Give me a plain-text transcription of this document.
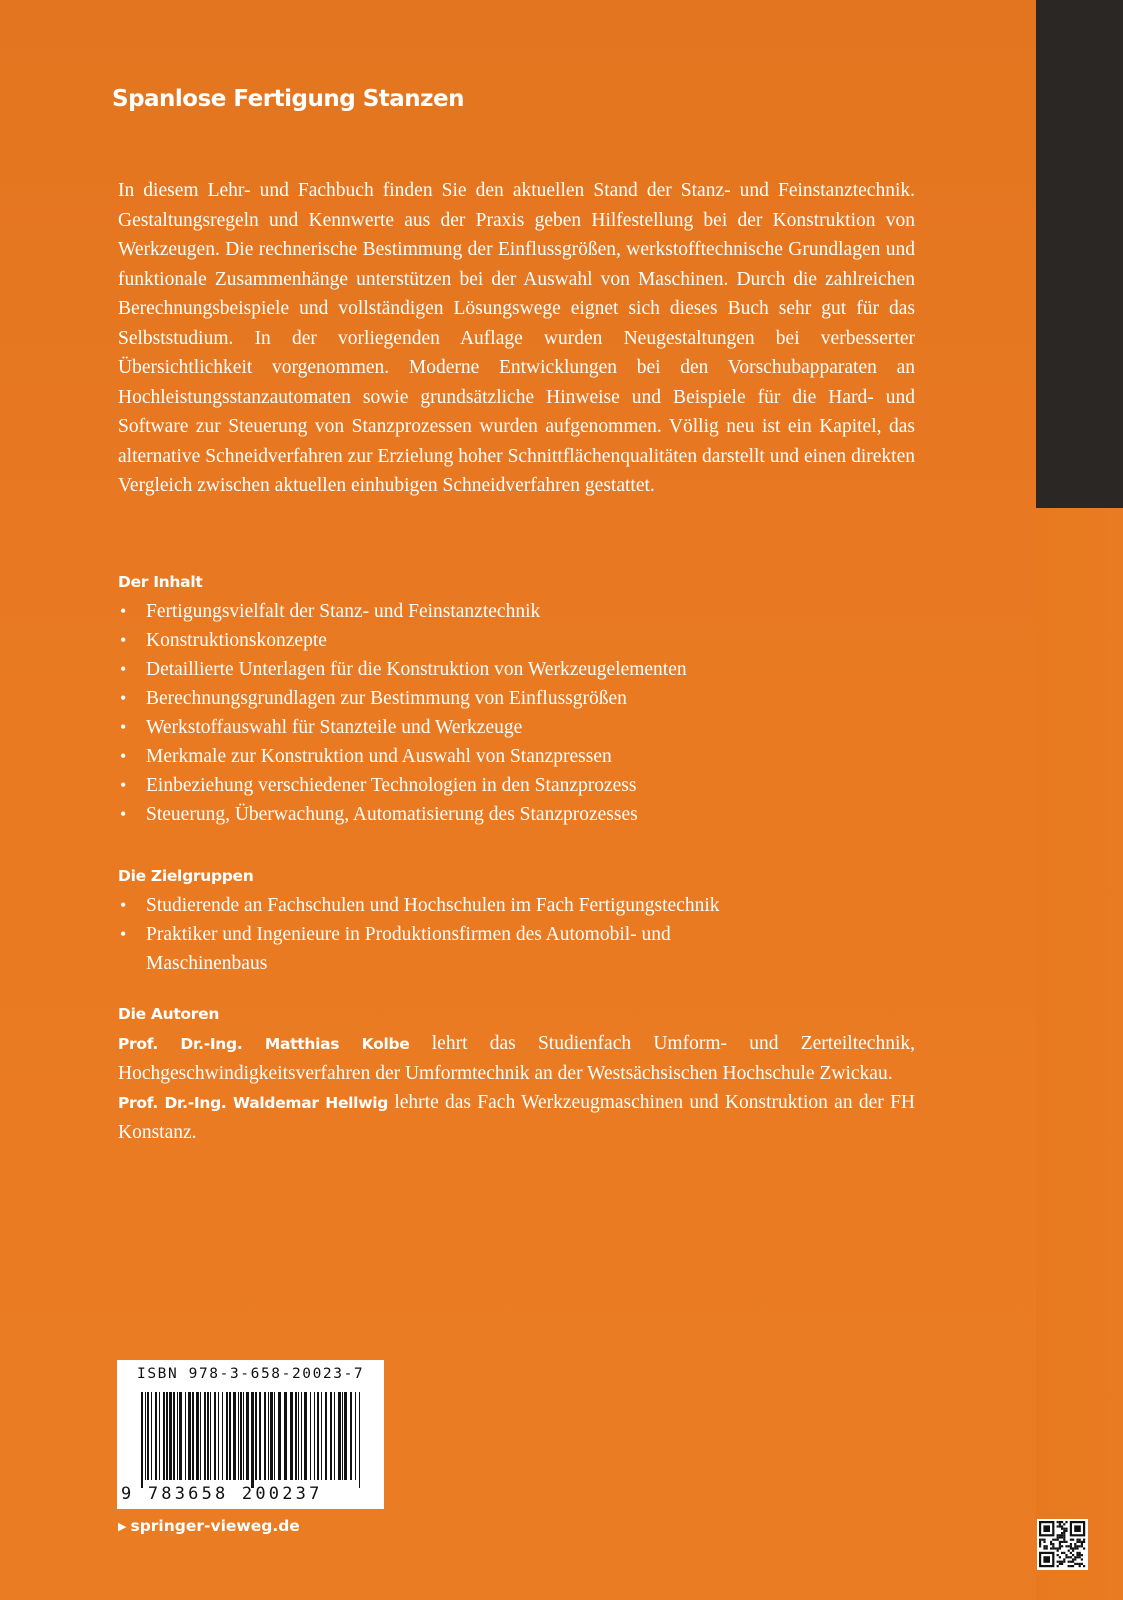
Spanlose Fertigung Stanzen

In diesem Lehr- und Fachbuch finden Sie den aktuellen Stand der Stanz- und Feinstanztechnik. Gestaltungsregeln und Kennwerte aus der Praxis geben Hilfestellung bei der Konstruktion von Werkzeugen. Die rechnerische Bestimmung der Einflussgrößen, werkstofftechnische Grundlagen und funktionale Zusammenhänge unterstützen bei der Auswahl von Maschinen. Durch die zahlreichen Berechnungsbeispiele und vollständigen Lösungswege eignet sich dieses Buch sehr gut für das Selbststudium. In der vorliegenden Auflage wurden Neugestaltungen bei verbesserter Übersichtlichkeit vorgenommen. Moderne Entwicklungen bei den Vorschubapparaten an Hochleistungsstanzautomaten sowie grundsätzliche Hinweise und Beispiele für die Hard- und Software zur Steuerung von Stanzprozessen wurden aufgenommen. Völlig neu ist ein Kapitel, das alternative Schneidverfahren zur Erzielung hoher Schnittflächenqualitäten darstellt und einen direkten Vergleich zwischen aktuellen einhubigen Schneidverfahren gestattet.

Der Inhalt
• Fertigungsvielfalt der Stanz- und Feinstanztechnik
• Konstruktionskonzepte
• Detaillierte Unterlagen für die Konstruktion von Werkzeugelementen
• Berechnungsgrundlagen zur Bestimmung von Einflussgrößen
• Werkstoffauswahl für Stanzteile und Werkzeuge
• Merkmale zur Konstruktion und Auswahl von Stanzpressen
• Einbeziehung verschiedener Technologien in den Stanzprozess
• Steuerung, Überwachung, Automatisierung des Stanzprozesses
Die Zielgruppen
• Studierende an Fachschulen und Hochschulen im Fach Fertigungstechnik
• Praktiker und Ingenieure in Produktionsfirmen des Automobil- und Maschinenbaus
Die Autoren

Prof. Dr.-Ing. Matthias Kolbe lehrt das Studienfach Umform- und Zerteiltechnik, Hochgeschwindigkeitsverfahren der Umformtechnik an der Westsächsischen Hochschule Zwickau.

Prof. Dr.-Ing. Waldemar Hellwig lehrte das Fach Werkzeugmaschinen und Konstruktion an der FH Konstanz.

ISBN 978-3-658-20023-7
9 783658 200237
▶ springer-vieweg.de
